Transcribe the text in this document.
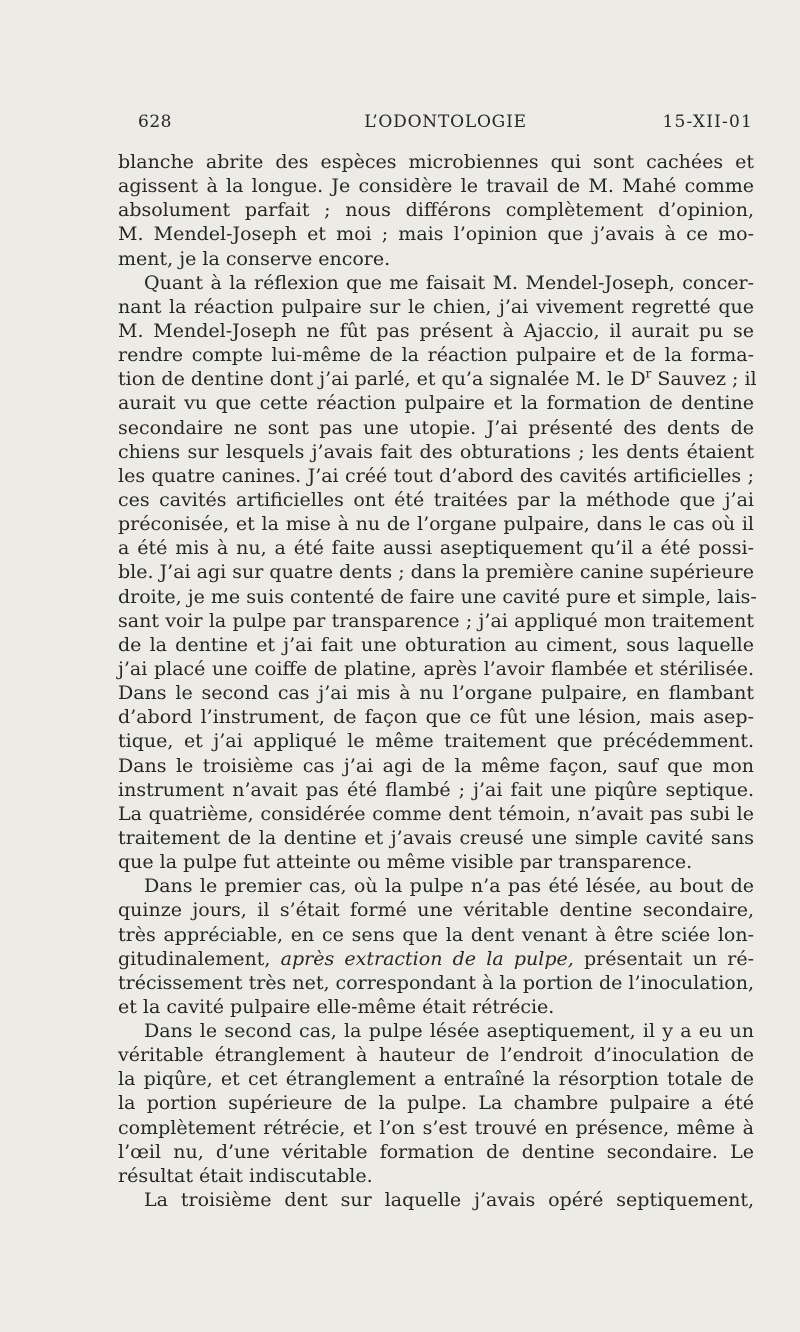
628	L’ODONTOLOGIE	15-XII-01
blanche abrite des espèces microbiennes qui sont cachées et
agissent à la longue. Je considère le travail de M. Mahé comme
absolument parfait ; nous différons complètement d’opinion,
M. Mendel-Joseph et moi ; mais l’opinion que j’avais à ce mo-
ment, je la conserve encore.
Quant à la réflexion que me faisait M. Mendel-Joseph, concer-
nant la réaction pulpaire sur le chien, j’ai vivement regretté que
M. Mendel-Joseph ne fût pas présent à Ajaccio, il aurait pu se
rendre compte lui-même de la réaction pulpaire et de la forma-
tion de dentine dont j’ai parlé, et qu’a signalée M. le $D^r$ Sauvez ; il
aurait vu que cette réaction pulpaire et la formation de dentine
secondaire ne sont pas une utopie. J’ai présenté des dents de
chiens sur lesquels j’avais fait des obturations ; les dents étaient
les quatre canines. J’ai créé tout d’abord des cavités artificielles ;
ces cavités artificielles ont été traitées par la méthode que j’ai
préconisée, et la mise à nu de l’organe pulpaire, dans le cas où il
a été mis à nu, a été faite aussi aseptiquement qu’il a été possi-
ble. J’ai agi sur quatre dents ; dans la première canine supérieure
droite, je me suis contenté de faire une cavité pure et simple, lais-
sant voir la pulpe par transparence ; j’ai appliqué mon traitement
de la dentine et j’ai fait une obturation au ciment, sous laquelle
j’ai placé une coiffe de platine, après l’avoir flambée et stérilisée.
Dans le second cas j’ai mis à nu l’organe pulpaire, en flambant
d’abord l’instrument, de façon que ce fût une lésion, mais asep-
tique, et j’ai appliqué le même traitement que précédemment.
Dans le troisième cas j’ai agi de la même façon, sauf que mon
instrument n’avait pas été flambé ; j’ai fait une piqûre septique.
La quatrième, considérée comme dent témoin, n’avait pas subi le
traitement de la dentine et j’avais creusé une simple cavité sans
que la pulpe fut atteinte ou même visible par transparence.
Dans le premier cas, où la pulpe n’a pas été lésée, au bout de
quinze jours, il s’était formé une véritable dentine secondaire,
très appréciable, en ce sens que la dent venant à être sciée lon-
gitudinalement, après extraction de la pulpe, présentait un ré-
trécissement très net, correspondant à la portion de l’inoculation,
et la cavité pulpaire elle-même était rétrécie.
Dans le second cas, la pulpe lésée aseptiquement, il y a eu un
véritable étranglement à hauteur de l’endroit d’inoculation de
la piqûre, et cet étranglement a entraîné la résorption totale de
la portion supérieure de la pulpe. La chambre pulpaire a été
complètement rétrécie, et l’on s’est trouvé en présence, même à
l’œil nu, d’une véritable formation de dentine secondaire. Le
résultat était indiscutable.
La troisième dent sur laquelle j’avais opéré septiquement,
